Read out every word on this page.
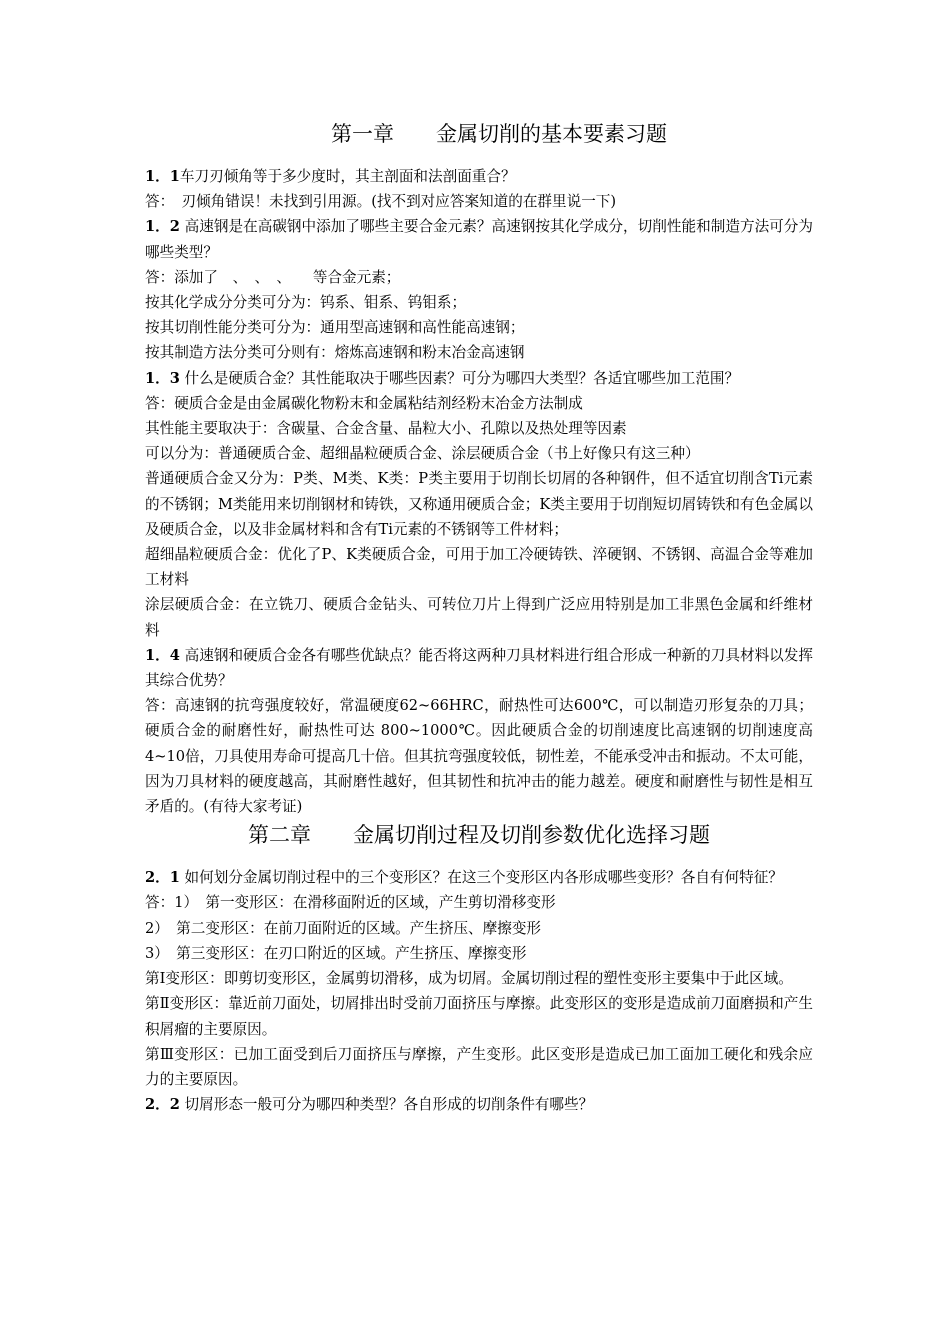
第一章　　金属切削的基本要素习题

1．1车刀刃倾角等于多少度时，其主剖面和法剖面重合？

答：　刃倾角错误！未找到引用源。(找不到对应答案知道的在群里说一下)

1．2 高速钢是在高碳钢中添加了哪些主要合金元素？高速钢按其化学成分，切削性能和制造方法可分为哪些类型？

答：添加了　、　、　、　　等合金元素；

按其化学成分分类可分为：钨系、钼系、钨钼系；

按其切削性能分类可分为：通用型高速钢和高性能高速钢；

按其制造方法分类可分则有：熔炼高速钢和粉末冶金高速钢

1．3 什么是硬质合金？其性能取决于哪些因素？可分为哪四大类型？各适宜哪些加工范围？

答：硬质合金是由金属碳化物粉末和金属粘结剂经粉末冶金方法制成

其性能主要取决于：含碳量、合金含量、晶粒大小、孔隙以及热处理等因素

可以分为：普通硬质合金、超细晶粒硬质合金、涂层硬质合金（书上好像只有这三种）

普通硬质合金又分为：P类、M类、K类：P类主要用于切削长切屑的各种钢件，但不适宜切削含Ti元素的不锈钢；M类能用来切削钢材和铸铁，又称通用硬质合金；K类主要用于切削短切屑铸铁和有色金属以及硬质合金，以及非金属材料和含有Ti元素的不锈钢等工件材料；

超细晶粒硬质合金：优化了P、K类硬质合金，可用于加工冷硬铸铁、淬硬钢、不锈钢、高温合金等难加工材料

涂层硬质合金：在立铣刀、硬质合金钻头、可转位刀片上得到广泛应用特别是加工非黑色金属和纤维材料

1．4 高速钢和硬质合金各有哪些优缺点？能否将这两种刀具材料进行组合形成一种新的刀具材料以发挥其综合优势？

答：高速钢的抗弯强度较好，常温硬度62~66HRC，耐热性可达600℃，可以制造刃形复杂的刀具；硬质合金的耐磨性好，耐热性可达 800~1000℃。因此硬质合金的切削速度比高速钢的切削速度高4~10倍，刀具使用寿命可提高几十倍。但其抗弯强度较低，韧性差，不能承受冲击和振动。不太可能，因为刀具材料的硬度越高，其耐磨性越好，但其韧性和抗冲击的能力越差。硬度和耐磨性与韧性是相互矛盾的。(有待大家考证)

第二章　　金属切削过程及切削参数优化选择习题

2．1 如何划分金属切削过程中的三个变形区？在这三个变形区内各形成哪些变形？各自有何特征？

答：1）　第一变形区：在滑移面附近的区域，产生剪切滑移变形

2）　第二变形区：在前刀面附近的区域。产生挤压、摩擦变形

3）　第三变形区：在刃口附近的区域。产生挤压、摩擦变形

第Ⅰ变形区：即剪切变形区，金属剪切滑移，成为切屑。金属切削过程的塑性变形主要集中于此区域。

第Ⅱ变形区：靠近前刀面处，切屑排出时受前刀面挤压与摩擦。此变形区的变形是造成前刀面磨损和产生积屑瘤的主要原因。

第Ⅲ变形区：已加工面受到后刀面挤压与摩擦，产生变形。此区变形是造成已加工面加工硬化和残余应力的主要原因。

2．2 切屑形态一般可分为哪四种类型？各自形成的切削条件有哪些？
